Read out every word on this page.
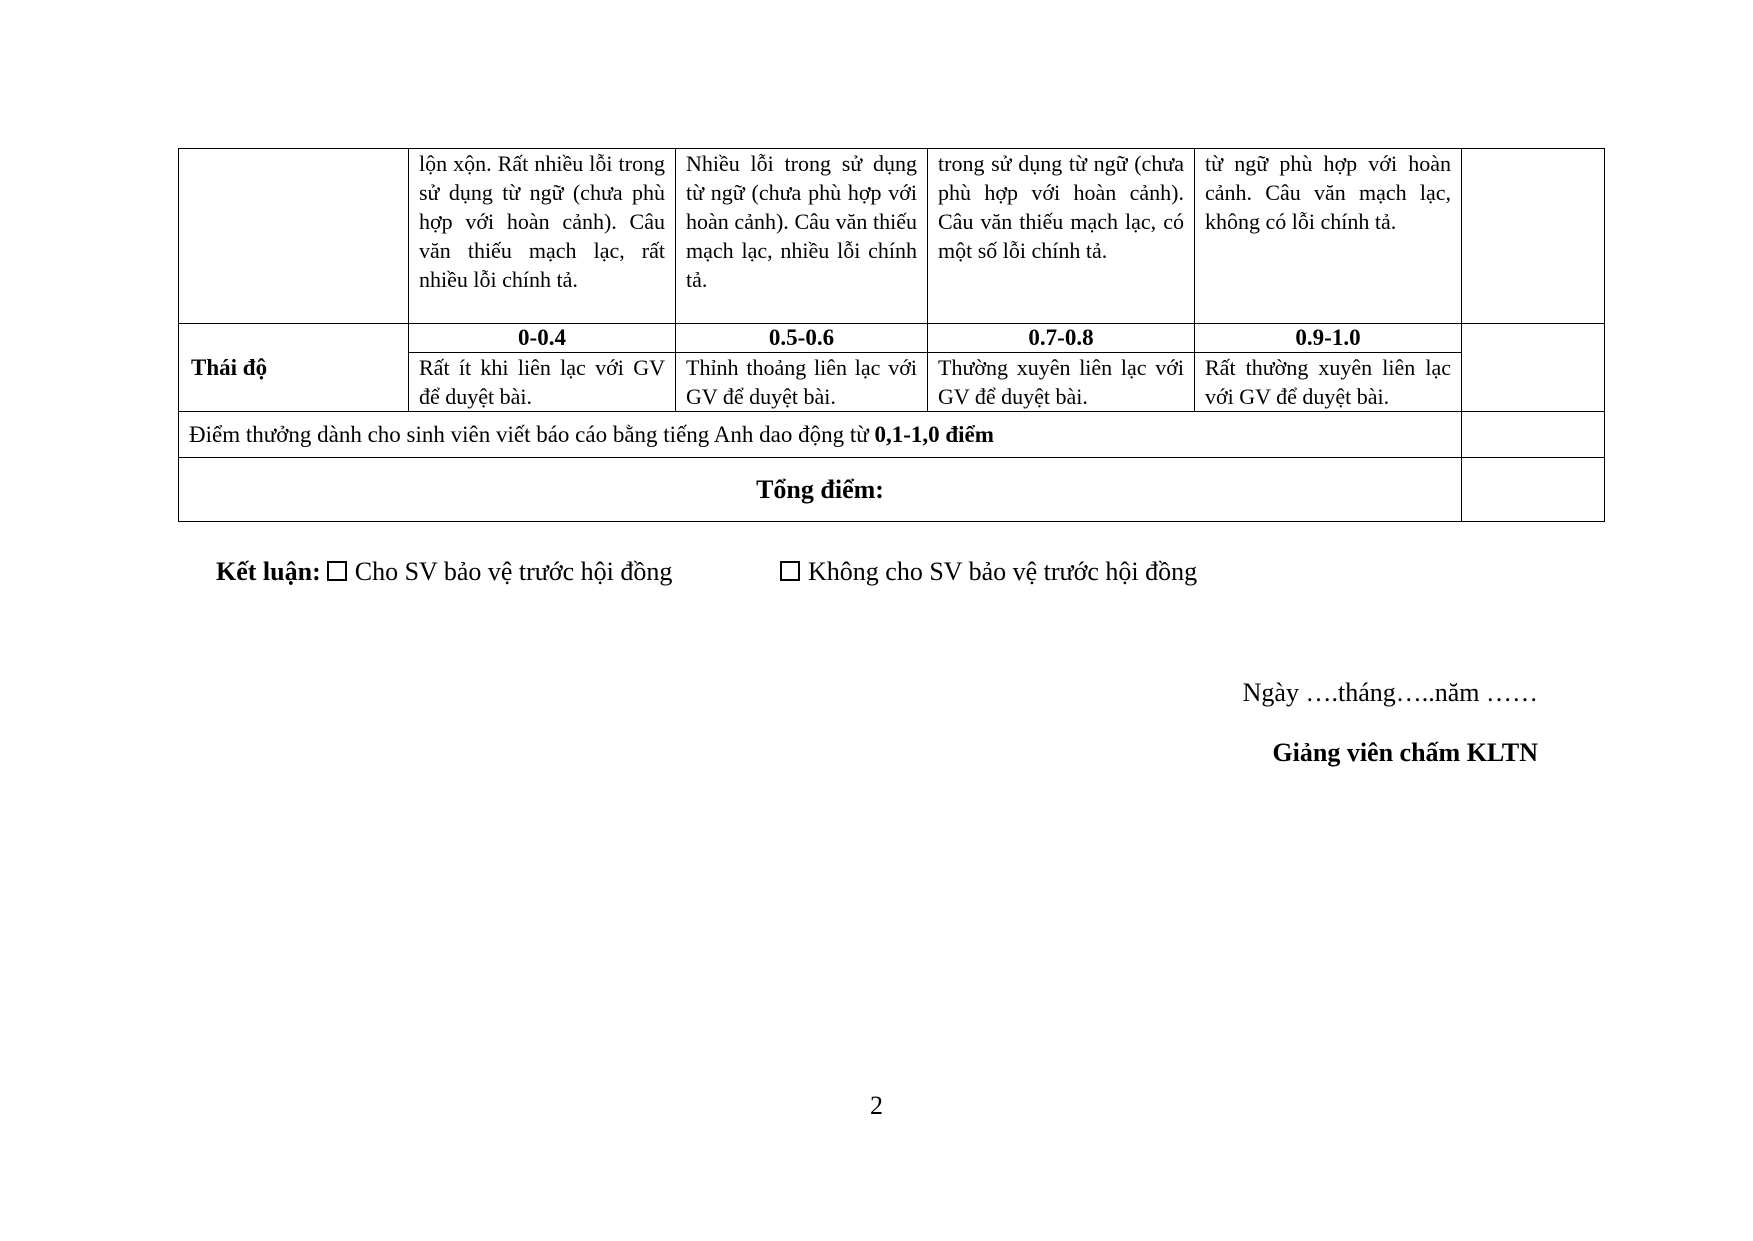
	lộn xộn. Rất nhiều lỗi trong sử dụng từ ngữ (chưa phù hợp với hoàn cảnh). Câu văn thiếu mạch lạc, rất nhiều lỗi chính tả.	Nhiều lỗi trong sử dụng từ ngữ (chưa phù hợp với hoàn cảnh). Câu văn thiếu mạch lạc, nhiều lỗi chính tả.	trong sử dụng từ ngữ (chưa phù hợp với hoàn cảnh). Câu văn thiếu mạch lạc, có một số lỗi chính tả.	từ ngữ phù hợp với hoàn cảnh. Câu văn mạch lạc, không có lỗi chính tả.	
Thái độ	0-0.4	0.5-0.6	0.7-0.8	0.9-1.0	
	Rất ít khi liên lạc với GV để duyệt bài.	Thỉnh thoảng liên lạc với GV để duyệt bài.	Thường xuyên liên lạc với GV để duyệt bài.	Rất thường xuyên liên lạc với GV để duyệt bài.	
Điểm thưởng dành cho sinh viên viết báo cáo bằng tiếng Anh dao động từ 0,1-1,0 điểm					
Tổng điểm:					
Kết luận: Cho SV bảo vệ trước hội đồng	Không cho SV bảo vệ trước hội đồng
Ngày ….tháng…..năm ……
Giảng viên chấm KLTN
2
